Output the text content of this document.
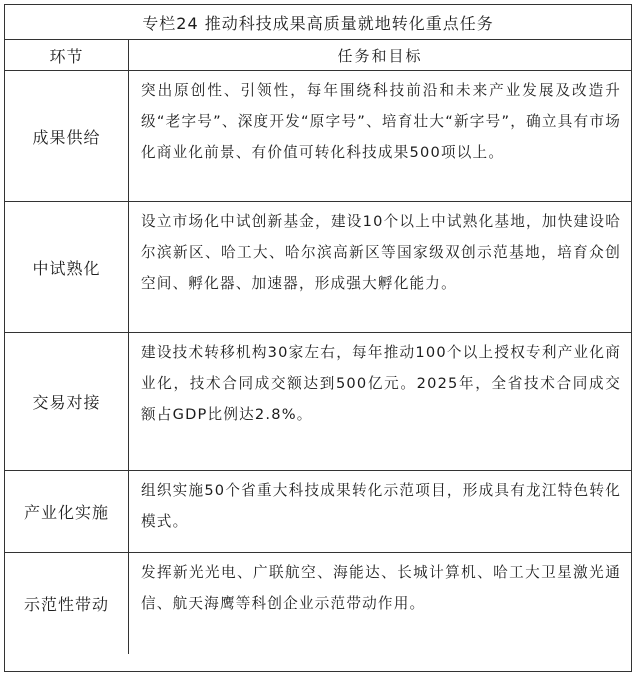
专栏24 推动科技成果高质量就地转化重点任务
环节	任务和目标
成果供给
突出原创性、引领性，每年围绕科技前沿和未来产业发展及改造升级“老字号”、深度开发“原字号”、培育壮大“新字号”，确立具有市场化商业化前景、有价值可转化科技成果500项以上。
中试熟化
设立市场化中试创新基金，建设10个以上中试熟化基地，加快建设哈尔滨新区、哈工大、哈尔滨高新区等国家级双创示范基地，培育众创空间、孵化器、加速器，形成强大孵化能力。
交易对接
建设技术转移机构30家左右，每年推动100个以上授权专利产业化商业化，技术合同成交额达到500亿元。2025年，全省技术合同成交额占GDP比例达2.8%。
产业化实施
组织实施50个省重大科技成果转化示范项目，形成具有龙江特色转化模式。
示范性带动
发挥新光光电、广联航空、海能达、长城计算机、哈工大卫星激光通信、航天海鹰等科创企业示范带动作用。
